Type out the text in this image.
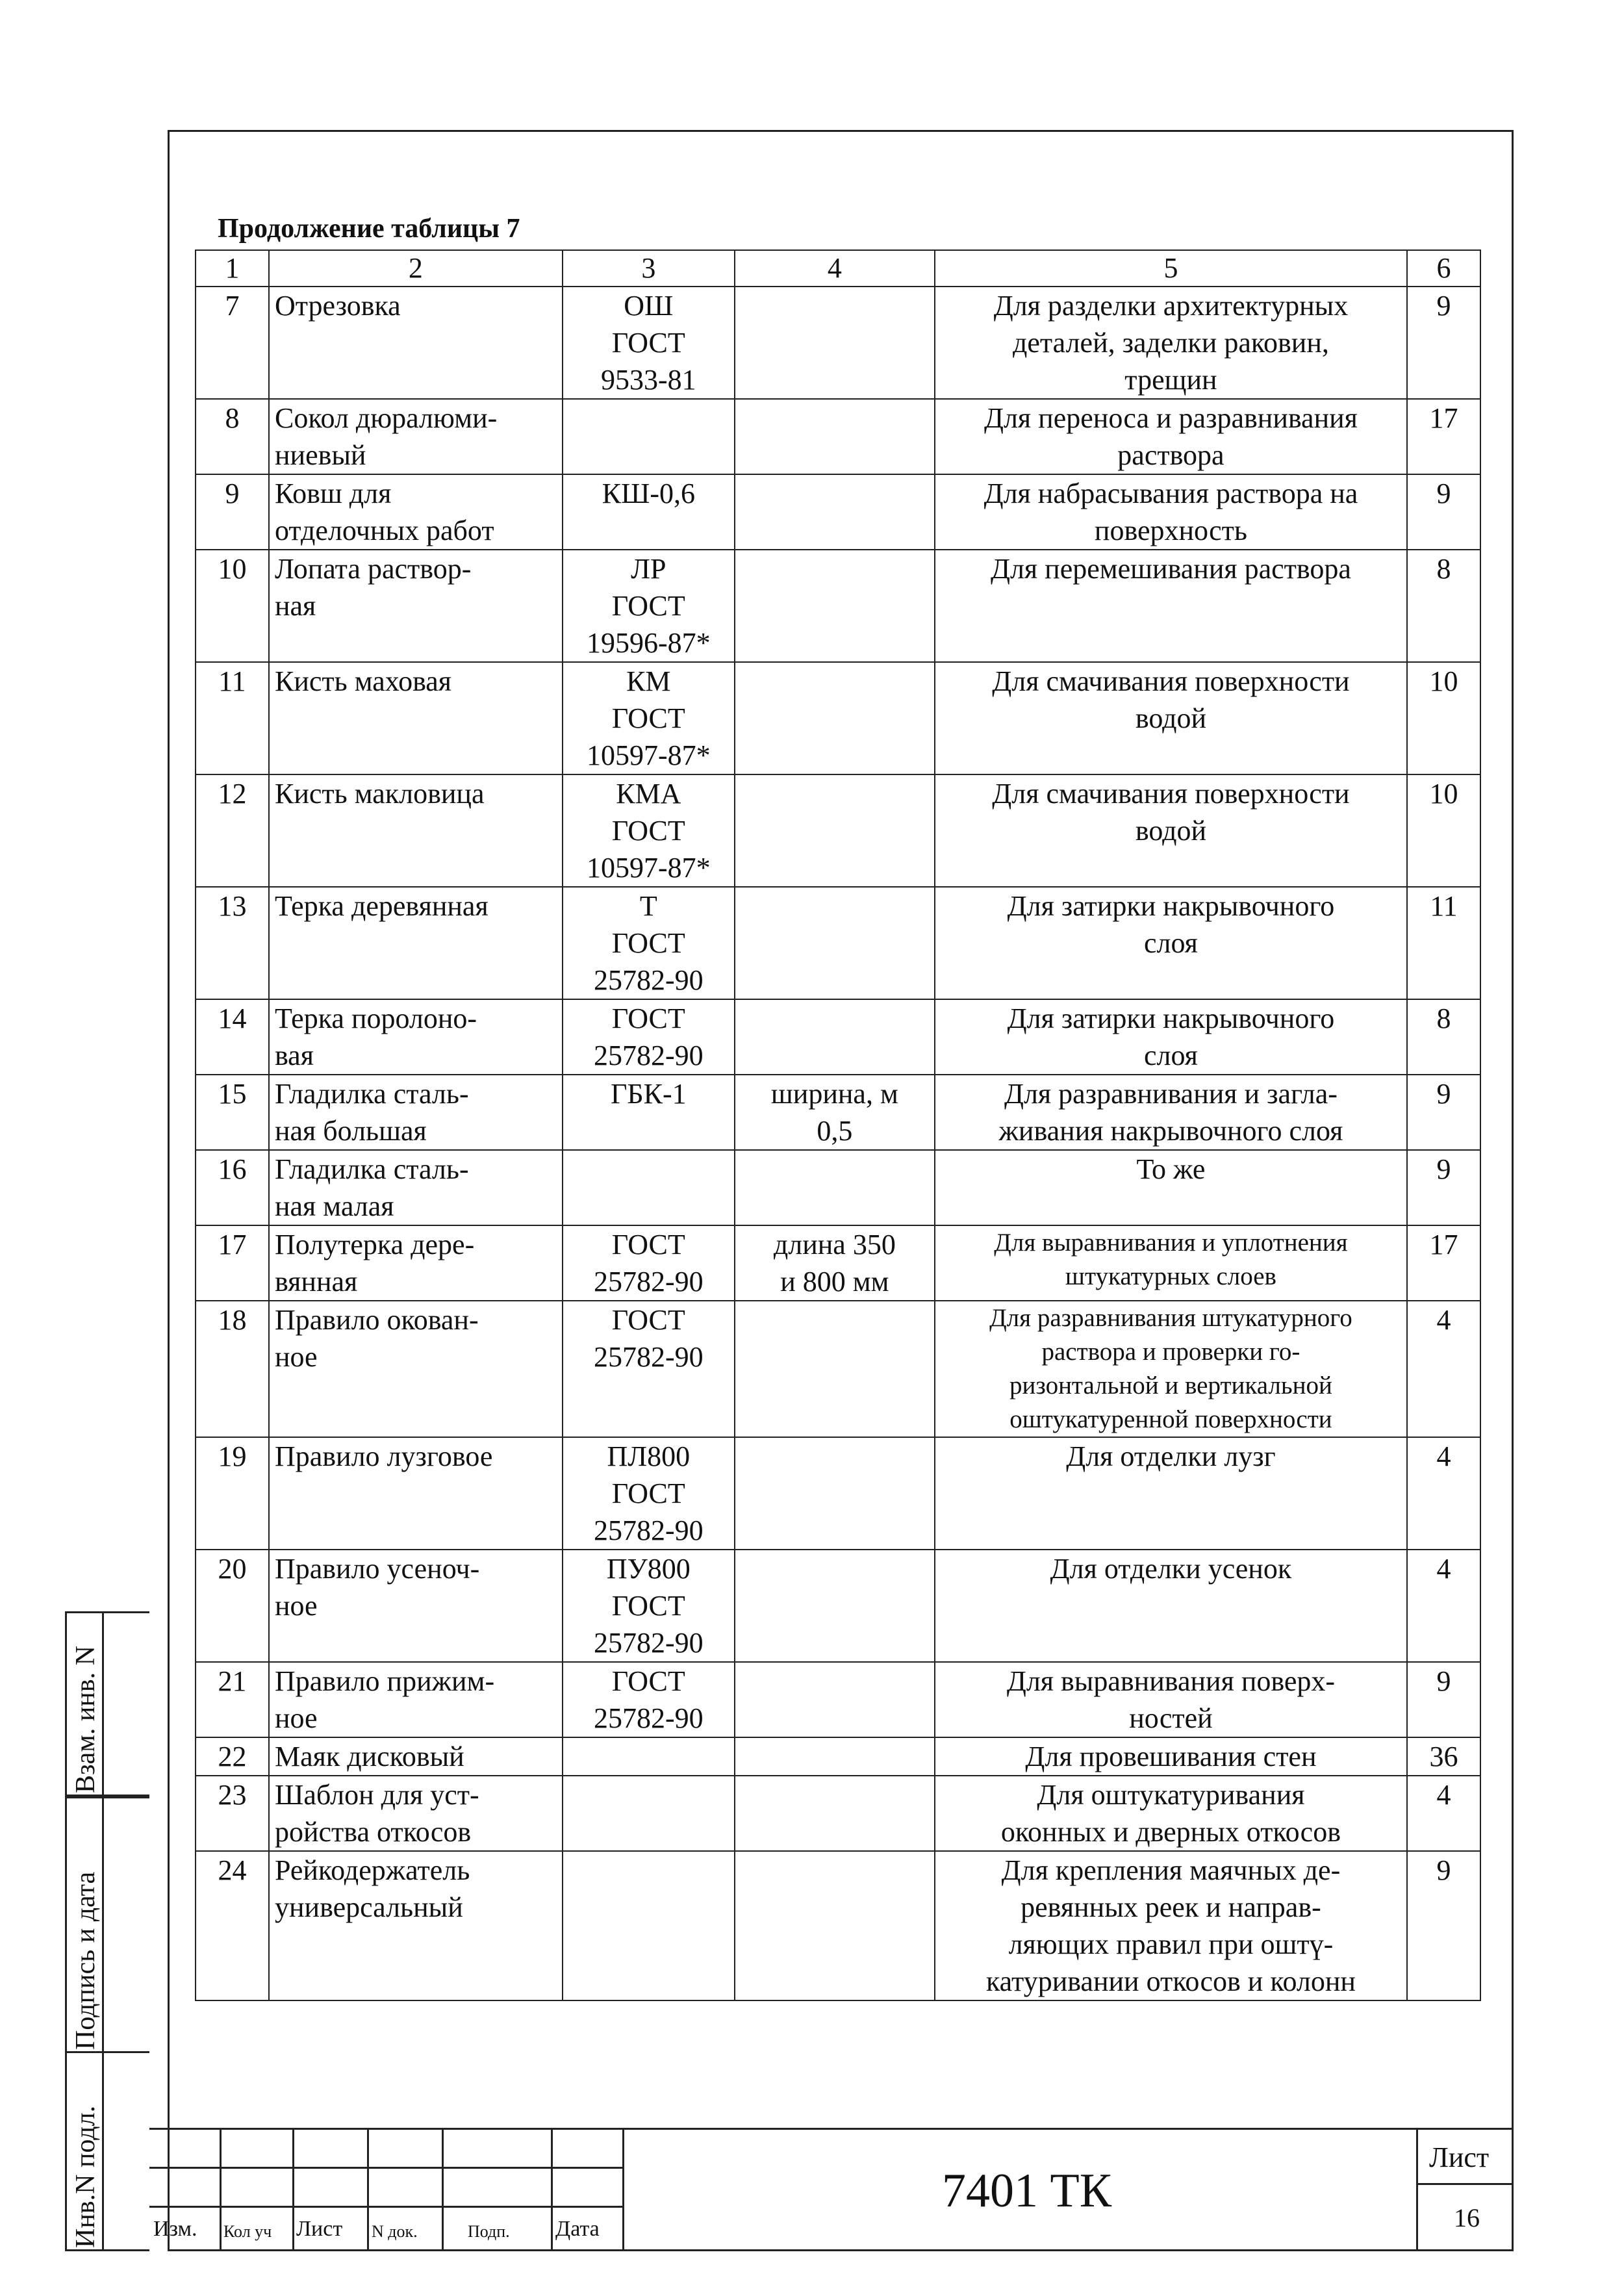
Продолжение таблицы 7
1	2	3	4	5	6
7	Отрезовка	ОШ
ГОСТ
9533-81		Для разделки архитектурных
деталей, заделки раковин,
трещин	9
8	Сокол дюралюми-
ниевый			Для переноса и разравнивания
раствора	17
9	Ковш для
отделочных работ	КШ-0,6		Для набрасывания раствора на
поверхность	9
10	Лопата раствор-
ная	ЛР
ГОСТ
19596-87*		Для перемешивания раствора	8
11	Кисть маховая	КМ
ГОСТ
10597-87*		Для смачивания поверхности
водой	10
12	Кисть макловица	КМА
ГОСТ
10597-87*		Для смачивания поверхности
водой	10
13	Терка деревянная	Т
ГОСТ
25782-90		Для затирки накрывочного
слоя	11
14	Терка поролоно-
вая	ГОСТ
25782-90		Для затирки накрывочного
слоя	8
15	Гладилка сталь-
ная большая	ГБК-1	ширина, м
0,5	Для разравнивания и загла-
живания накрывочного слоя	9
16	Гладилка сталь-
ная малая			То же	9
17	Полутерка дере-
вянная	ГОСТ
25782-90	длина 350
и 800 мм	Для выравнивания и уплотнения
штукатурных слоев	17
18	Правило окован-
ное	ГОСТ
25782-90		Для разравнивания штукатурного
раствора и проверки го-
ризонтальной и вертикальной
оштукатуренной поверхности	4
19	Правило лузговое	ПЛ800
ГОСТ
25782-90		Для отделки лузг	4
20	Правило усеноч-
ное	ПУ800
ГОСТ
25782-90		Для отделки усенок	4
21	Правило прижим-
ное	ГОСТ
25782-90		Для выравнивания поверх-
ностей	9
22	Маяк дисковый			Для провешивания стен	36
23	Шаблон для уст-
ройства откосов			Для оштукатуривания
оконных и дверных откосов	4
24	Рейкодержатель
универсальный			Для крепления маячных де-
ревянных реек и направ-
ляющих правил при оштү-
катуривании откосов и колонн	9
Взам. инв. N
Подпись и дата
Инв.N подл. Изм. Кол уч Лист N док.	Подп. Дата
7401 ТК
Лист
16
